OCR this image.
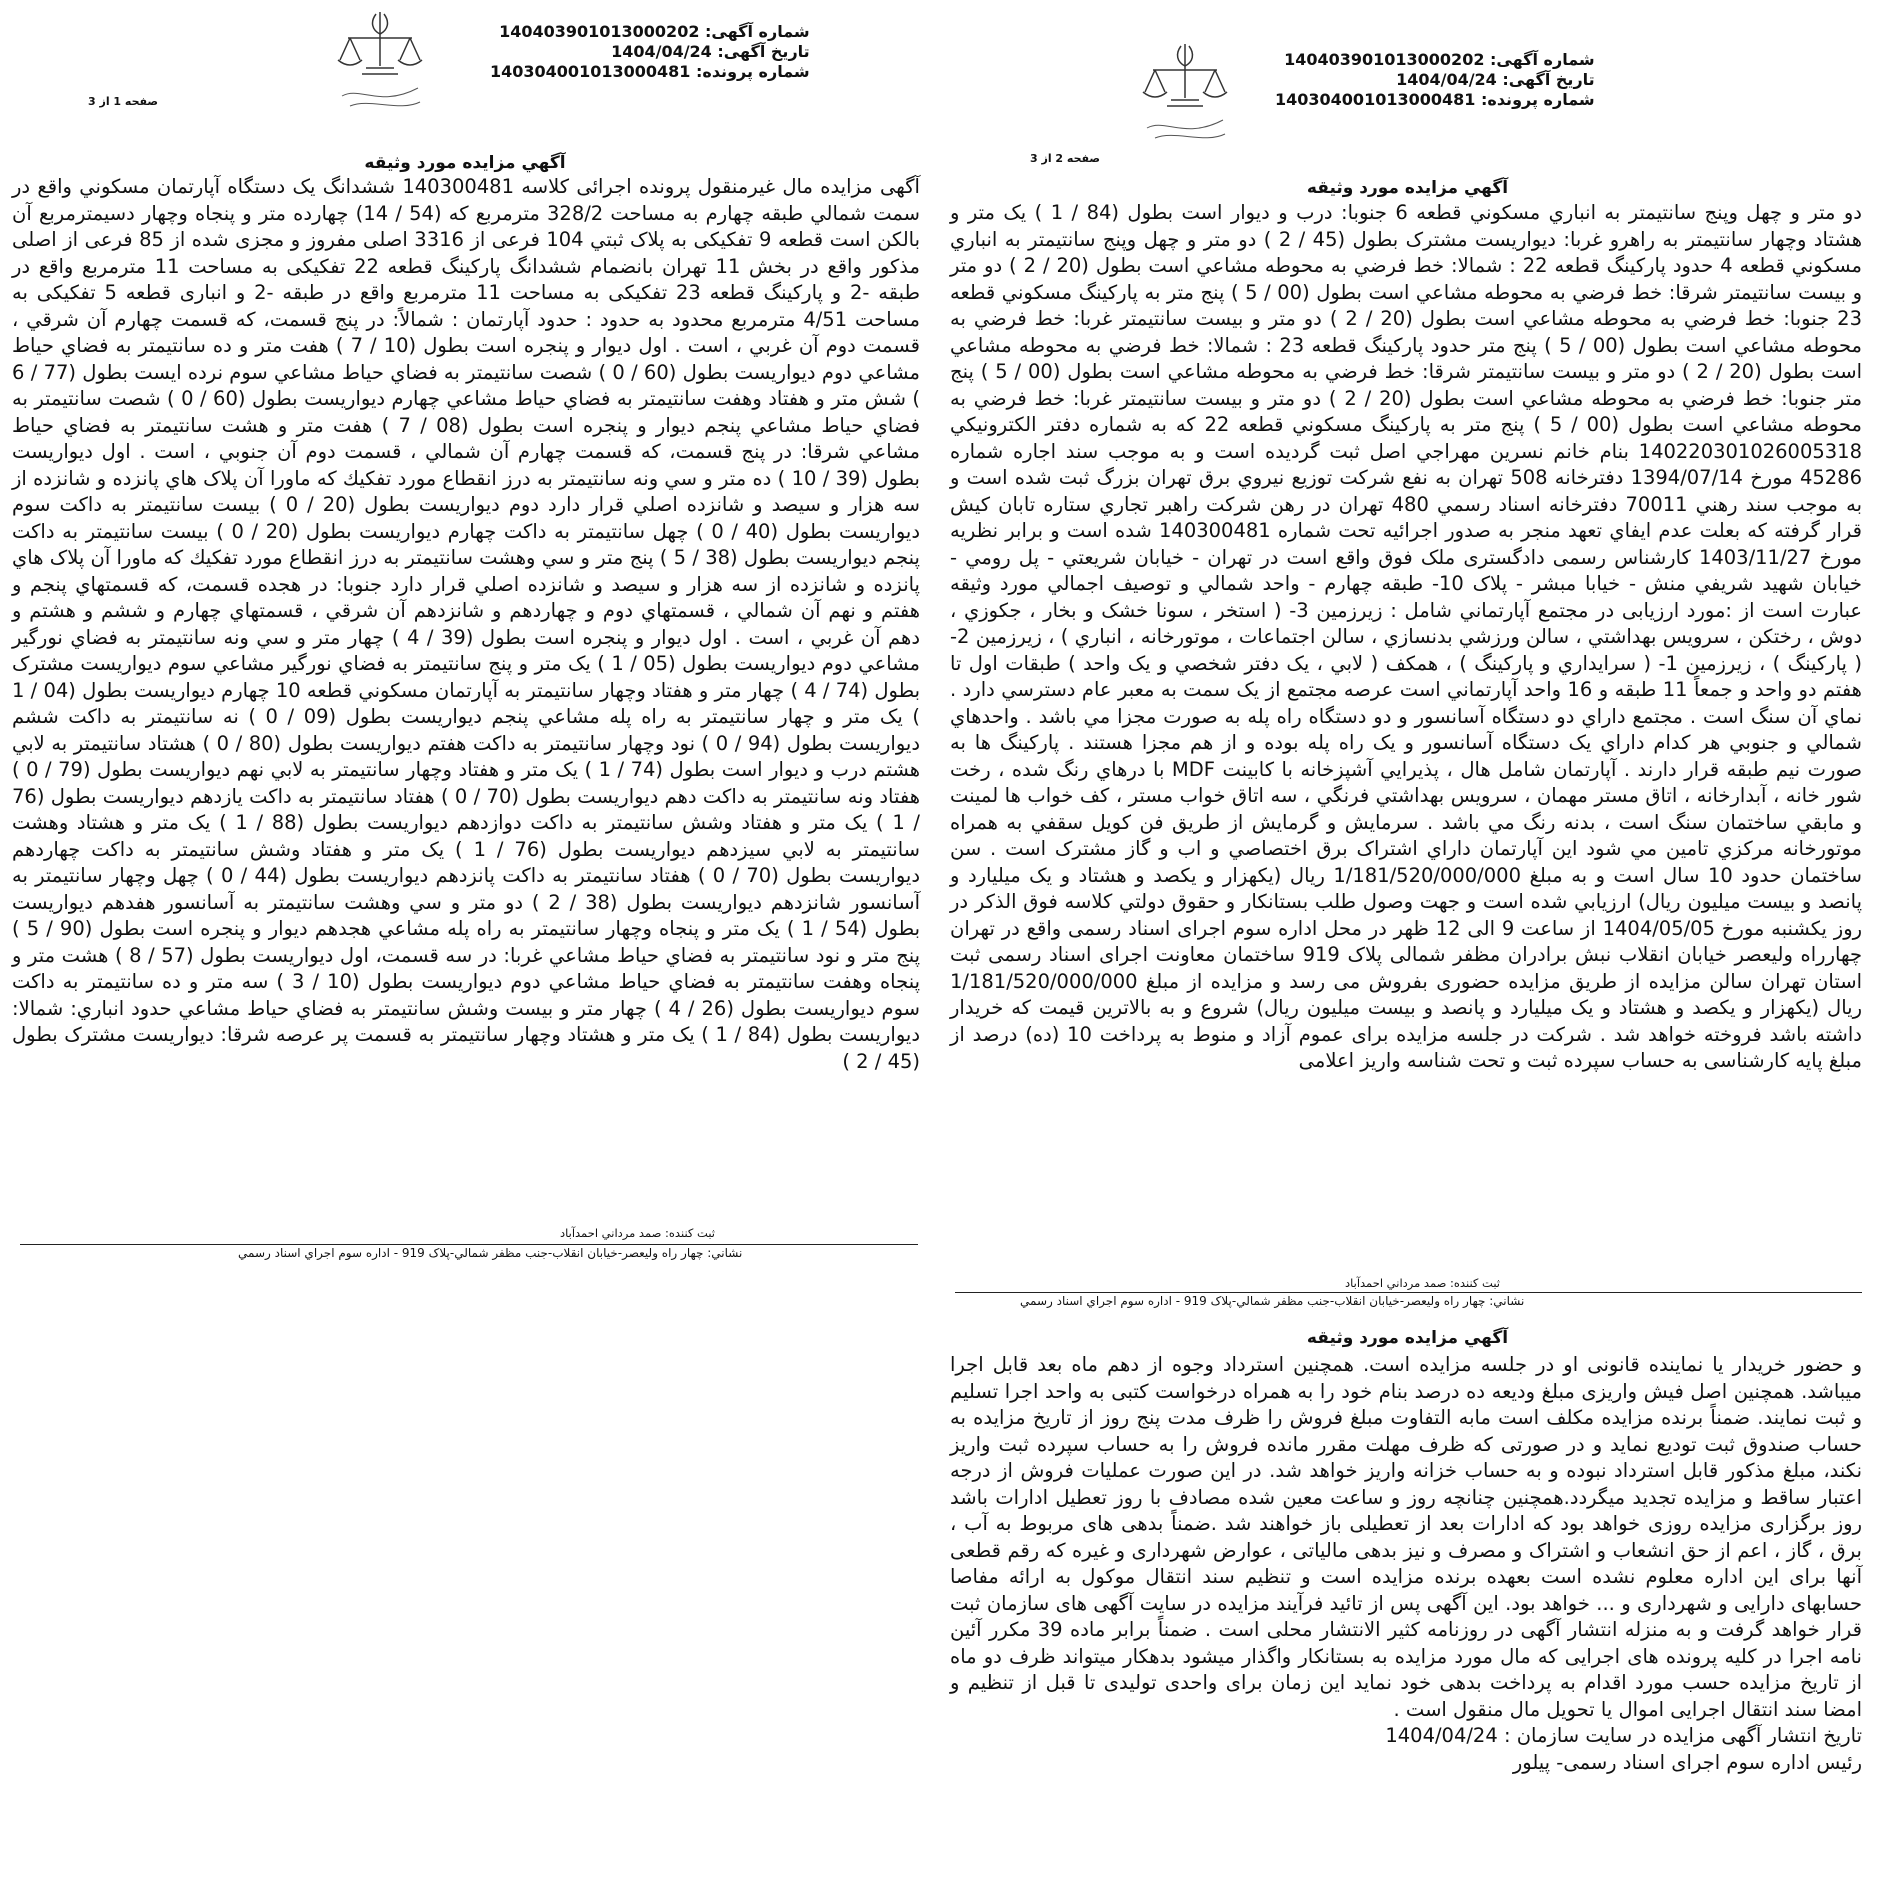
شماره آگهی: 140403901013000202
تاریخ آگهی: 1404/04/24
شماره پرونده: 140304001013000481
صفحه 1 از 3
آگهي مزايده مورد وثيقه

آگهی مزایده مال غیرمنقول پرونده اجرائی کلاسه 140300481 ششدانگ یک دستگاه آپارتمان مسکوني واقع در سمت شمالي طبقه چهارم به مساحت 328/2 مترمربع که (54 / 14) چهارده متر و پنجاه وچهار دسیمترمربع آن بالکن است قطعه 9 تفکیکی به پلاک ثبتي 104 فرعی از 3316 اصلی مفروز و مجزی شده از 85 فرعی از اصلی مذکور واقع در بخش 11 تهران بانضمام ششدانگ پارکینگ قطعه 22 تفکیکی به مساحت 11 مترمربع واقع در طبقه -2 و پارکینگ قطعه 23 تفکیکی به مساحت 11 مترمربع واقع در طبقه -2 و انباری قطعه 5 تفکیکی به مساحت 4/51 مترمربع محدود به حدود : حدود آپارتمان : شمالاً: در پنج قسمت، که قسمت چهارم آن شرقي ، قسمت دوم آن غربي ، است . اول دیوار و پنجره است بطول (10 / 7 ) هفت متر و ده سانتیمتر به فضاي حياط مشاعي دوم ديواريست بطول (60 / 0 ) شصت سانتيمتر به فضاي حياط مشاعي سوم نرده ايست بطول (77 / 6 ) شش متر و هفتاد وهفت سانتيمتر به فضاي حياط مشاعي چهارم ديواريست بطول (60 / 0 ) شصت سانتيمتر به فضاي حياط مشاعي پنجم ديوار و پنجره است بطول (08 / 7 ) هفت متر و هشت سانتيمتر به فضاي حياط مشاعي شرقا: در پنج قسمت، که قسمت چهارم آن شمالي ، قسمت دوم آن جنوبي ، است . اول ديواريست بطول (39 / 10 ) ده متر و سي ونه سانتيمتر به درز انقطاع مورد تفكيك كه ماورا آن پلاک هاي پانزده و شانزده از سه هزار و سيصد و شانزده اصلي قرار دارد دوم ديواريست بطول (20 / 0 ) بيست سانتيمتر به داكت سوم ديواريست بطول (40 / 0 ) چهل سانتيمتر به داكت چهارم ديواريست بطول (20 / 0 ) بيست سانتيمتر به داكت پنجم ديواريست بطول (38 / 5 ) پنج متر و سي وهشت سانتيمتر به درز انقطاع مورد تفكيك كه ماورا آن پلاک هاي پانزده و شانزده از سه هزار و سيصد و شانزده اصلي قرار دارد جنوبا: در هجده قسمت، كه قسمتهاي پنجم و هفتم و نهم آن شمالي ، قسمتهاي دوم و چهاردهم و شانزدهم آن شرقي ، قسمتهاي چهارم و ششم و هشتم و دهم آن غربي ، است . اول ديوار و پنجره است بطول (39 / 4 ) چهار متر و سي ونه سانتيمتر به فضاي نورگير مشاعي دوم ديواريست بطول (05 / 1 ) يک متر و پنج سانتيمتر به فضاي نورگير مشاعي سوم ديواريست مشترک بطول (74 / 4 ) چهار متر و هفتاد وچهار سانتيمتر به آپارتمان مسكوني قطعه 10 چهارم ديواريست بطول (04 / 1 ) يک متر و چهار سانتيمتر به راه پله مشاعي پنجم ديواريست بطول (09 / 0 ) نه سانتيمتر به داكت ششم ديواريست بطول (94 / 0 ) نود وچهار سانتيمتر به داكت هفتم ديواريست بطول (80 / 0 ) هشتاد سانتيمتر به لابي هشتم درب و ديوار است بطول (74 / 1 ) يک متر و هفتاد وچهار سانتيمتر به لابي نهم ديواريست بطول (79 / 0 ) هفتاد ونه سانتيمتر به داكت دهم ديواريست بطول (70 / 0 ) هفتاد سانتيمتر به داكت يازدهم ديواريست بطول (76 / 1 ) يک متر و هفتاد وشش سانتيمتر به داكت دوازدهم ديواريست بطول (88 / 1 ) يک متر و هشتاد وهشت سانتيمتر به لابي سيزدهم ديواريست بطول (76 / 1 ) يک متر و هفتاد وشش سانتيمتر به داكت چهاردهم ديواريست بطول (70 / 0 ) هفتاد سانتيمتر به داكت پانزدهم ديواريست بطول (44 / 0 ) چهل وچهار سانتيمتر به آسانسور شانزدهم ديواريست بطول (38 / 2 ) دو متر و سي وهشت سانتيمتر به آسانسور هفدهم ديواريست بطول (54 / 1 ) يک متر و پنجاه وچهار سانتيمتر به راه پله مشاعي هجدهم ديوار و پنجره است بطول (90 / 5 ) پنج متر و نود سانتيمتر به فضاي حياط مشاعي غربا: در سه قسمت، اول ديواريست بطول (57 / 8 ) هشت متر و پنجاه وهفت سانتيمتر به فضاي حياط مشاعي دوم ديواريست بطول (10 / 3 ) سه متر و ده سانتيمتر به داكت سوم ديواريست بطول (26 / 4 ) چهار متر و بيست وشش سانتيمتر به فضاي حياط مشاعي حدود انباري: شمالا: ديواريست بطول (84 / 1 ) يک متر و هشتاد وچهار سانتيمتر به قسمت پر عرصه شرقا: ديواريست مشترک بطول (45 / 2 )

ثبت كننده: صمد مرداني احمدآباد
نشاني: چهار راه وليعصر-خيابان انقلاب-جنب مظفر شمالي-پلاک 919 - اداره سوم اجراي اسناد رسمي
شماره آگهی: 140403901013000202
تاریخ آگهی: 1404/04/24
شماره پرونده: 140304001013000481
صفحه 2 از 3
آگهي مزايده مورد وثيقه

دو متر و چهل وپنج سانتيمتر به انباري مسكوني قطعه 6 جنوبا: درب و ديوار است بطول (84 / 1 ) يک متر و هشتاد وچهار سانتيمتر به راهرو غربا: ديواريست مشترک بطول (45 / 2 ) دو متر و چهل وپنج سانتيمتر به انباري مسكوني قطعه 4 حدود پاركينگ قطعه 22 : شمالا: خط فرضي به محوطه مشاعي است بطول (20 / 2 ) دو متر و بيست سانتيمتر شرقا: خط فرضي به محوطه مشاعي است بطول (00 / 5 ) پنج متر به پاركينگ مسكوني قطعه 23 جنوبا: خط فرضي به محوطه مشاعي است بطول (20 / 2 ) دو متر و بيست سانتيمتر غربا: خط فرضي به محوطه مشاعي است بطول (00 / 5 ) پنج متر حدود پاركينگ قطعه 23 : شمالا: خط فرضي به محوطه مشاعي است بطول (20 / 2 ) دو متر و بيست سانتيمتر شرقا: خط فرضي به محوطه مشاعي است بطول (00 / 5 ) پنج متر جنوبا: خط فرضي به محوطه مشاعي است بطول (20 / 2 ) دو متر و بيست سانتيمتر غربا: خط فرضي به محوطه مشاعي است بطول (00 / 5 ) پنج متر به پاركينگ مسكوني قطعه 22 كه به شماره دفتر الكترونيكي 140220301026005318 بنام خانم نسرين مهراجي اصل ثبت گرديده است و به موجب سند اجاره شماره 45286 مورخ 1394/07/14 دفترخانه 508 تهران به نفع شركت توزيع نيروي برق تهران بزرگ ثبت شده است و به موجب سند رهني 70011 دفترخانه اسناد رسمي 480 تهران در رهن شركت راهبر تجاري ستاره تابان كيش قرار گرفته كه بعلت عدم ايفاي تعهد منجر به صدور اجرائيه تحت شماره 140300481 شده است و برابر نظريه مورخ 1403/11/27 كارشناس رسمی دادگستری ملک فوق واقع است در تهران - خيابان شريعتي - پل رومي - خيابان شهيد شريفي منش - خيابا مبشر - پلاک 10- طبقه چهارم - واحد شمالي و توصيف اجمالي مورد وثيقه عبارت است از :مورد ارزيابی در مجتمع آپارتماني شامل : زيرزمين 3- ( استخر ، سونا خشک و بخار ، جكوزي ، دوش ، رختكن ، سرويس بهداشتي ، سالن ورزشي بدنسازي ، سالن اجتماعات ، موتورخانه ، انباري ) ، زيرزمين 2- ( پاركينگ ) ، زيرزمين 1- ( سرايداري و پاركينگ ) ، همكف ( لابي ، يک دفتر شخصي و يک واحد ) طبقات اول تا هفتم دو واحد و جمعاً 11 طبقه و 16 واحد آپارتماني است عرصه مجتمع از يک سمت به معبر عام دسترسي دارد . نماي آن سنگ است . مجتمع داراي دو دستگاه آسانسور و دو دستگاه راه پله به صورت مجزا مي باشد . واحدهاي شمالي و جنوبي هر كدام داراي يک دستگاه آسانسور و يک راه پله بوده و از هم مجزا هستند . پاركينگ ها به صورت نيم طبقه قرار دارند . آپارتمان شامل هال ، پذيرايي آشپزخانه با كابينت MDF با درهاي رنگ شده ، رخت شور خانه ، آبدارخانه ، اتاق مستر مهمان ، سرويس بهداشتي فرنگي ، سه اتاق خواب مستر ، كف خواب ها لمينت و مابقي ساختمان سنگ است ، بدنه رنگ مي باشد . سرمايش و گرمايش از طريق فن كويل سقفي به همراه موتورخانه مركزي تامين مي شود اين آپارتمان داراي اشتراک برق اختصاصي و اب و گاز مشترک است . سن ساختمان حدود 10 سال است و به مبلغ 1/181/520/000/000 ريال (يكهزار و يكصد و هشتاد و يک ميليارد و پانصد و بيست ميليون ريال) ارزيابي شده است و جهت وصول طلب بستانكار و حقوق دولتي كلاسه فوق الذكر در روز يكشنبه مورخ 1404/05/05 از ساعت 9 الی 12 ظهر در محل اداره سوم اجرای اسناد رسمی واقع در تهران چهارراه وليعصر خيابان انقلاب نبش برادران مظفر شمالی پلاک 919 ساختمان معاونت اجرای اسناد رسمی ثبت استان تهران سالن مزايده از طريق مزايده حضوری بفروش می رسد و مزايده از مبلغ 1/181/520/000/000 ريال (يكهزار و يكصد و هشتاد و يک ميليارد و پانصد و بيست ميليون ريال) شروع و به بالاترين قيمت كه خريدار داشته باشد فروخته خواهد شد . شركت در جلسه مزايده برای عموم آزاد و منوط به پرداخت 10 (ده) درصد از مبلغ پايه كارشناسی به حساب سپرده ثبت و تحت شناسه واريز اعلامی

ثبت كننده: صمد مرداني احمدآباد
نشاني: چهار راه وليعصر-خيابان انقلاب-جنب مظفر شمالي-پلاک 919 - اداره سوم اجراي اسناد رسمي
آگهي مزايده مورد وثيقه

و حضور خريدار يا نماينده قانونی او در جلسه مزايده است. همچنين استرداد وجوه از دهم ماه بعد قابل اجرا ميباشد. همچنين اصل فيش واريزی مبلغ وديعه ده درصد بنام خود را به همراه درخواست كتبی به واحد اجرا تسليم و ثبت نمايند. ضمناً برنده مزايده مكلف است مابه التفاوت مبلغ فروش را ظرف مدت پنج روز از تاريخ مزايده به حساب صندوق ثبت توديع نمايد و در صورتی كه ظرف مهلت مقرر مانده فروش را به حساب سپرده ثبت واريز نكند، مبلغ مذكور قابل استرداد نبوده و به حساب خزانه واريز خواهد شد. در اين صورت عمليات فروش از درجه اعتبار ساقط و مزايده تجديد ميگردد.همچنين چنانچه روز و ساعت معين شده مصادف با روز تعطيل ادارات باشد روز برگزاری مزايده روزی خواهد بود كه ادارات بعد از تعطيلی باز خواهند شد .ضمناً بدهی های مربوط به آب ، برق ، گاز ، اعم از حق انشعاب و اشتراک و مصرف و نيز بدهی مالياتی ، عوارض شهرداری و غيره كه رقم قطعی آنها برای اين اداره معلوم نشده است بعهده برنده مزايده است و تنظيم سند انتقال موكول به ارائه مفاصا حسابهای دارايی و شهرداری و ... خواهد بود. اين آگهی پس از تائيد فرآيند مزايده در سايت آگهی های سازمان ثبت قرار خواهد گرفت و به منزله انتشار آگهی در روزنامه كثير الانتشار محلی است . ضمناً برابر ماده 39 مكرر آئين نامه اجرا در كليه پرونده های اجرايی كه مال مورد مزايده به بستانكار واگذار ميشود بدهكار ميتواند ظرف دو ماه از تاريخ مزايده حسب مورد اقدام به پرداخت بدهی خود نمايد اين زمان برای واحدی توليدی تا قبل از تنظيم و امضا سند انتقال اجرايی اموال يا تحويل مال منقول است .

تاريخ انتشار آگهی مزايده در سايت سازمان : 1404/04/24

رئيس اداره سوم اجرای اسناد رسمی- پيلور
